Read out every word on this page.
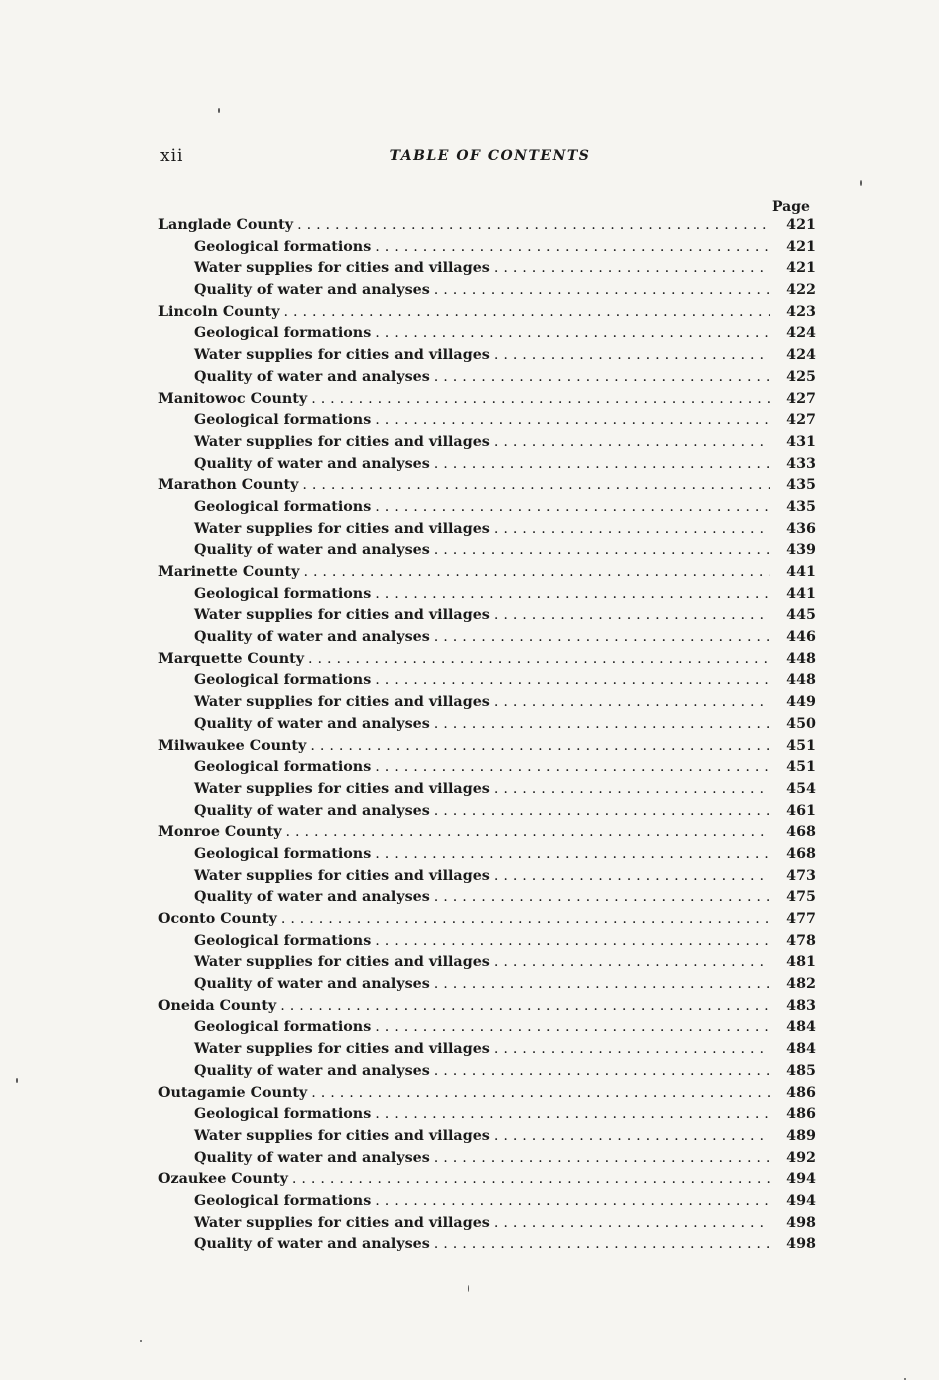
xii	TABLE OF CONTENTS
Page
Langlade County . . .	421
Geological formations . . .	421
Water supplies for cities and villages . . .	421
Quality of water and analyses . . .	422
Lincoln County . . .	423
Geological formations . . .	424
Water supplies for cities and villages . . .	424
Quality of water and analyses . . .	425
Manitowoc County . . .	427
Geological formations . . .	427
Water supplies for cities and villages . . .	431
Quality of water and analyses . . .	433
Marathon County . . .	435
Geological formations . . .	435
Water supplies for cities and villages . . .	436
Quality of water and analyses . . .	439
Marinette County . . .	441
Geological formations . . .	441
Water supplies for cities and villages . . .	445
Quality of water and analyses . . .	446
Marquette County . . .	448
Geological formations . . .	448
Water supplies for cities and villages . . .	449
Quality of water and analyses . . .	450
Milwaukee County . . .	451
Geological formations . . .	451
Water supplies for cities and villages . . .	454
Quality of water and analyses . . .	461
Monroe County . . .	468
Geological formations . . .	468
Water supplies for cities and villages . . .	473
Quality of water and analyses . . .	475
Oconto County . . .	477
Geological formations . . .	478
Water supplies for cities and villages . . .	481
Quality of water and analyses . . .	482
Oneida County . . .	483
Geological formations . . .	484
Water supplies for cities and villages . . .	484
Quality of water and analyses . . .	485
Outagamie County . . .	486
Geological formations . . .	486
Water supplies for cities and villages . . .	489
Quality of water and analyses . . .	492
Ozaukee County . . .	494
Geological formations . . .	494
Water supplies for cities and villages . . .	498
Quality of water and analyses . . .	498
